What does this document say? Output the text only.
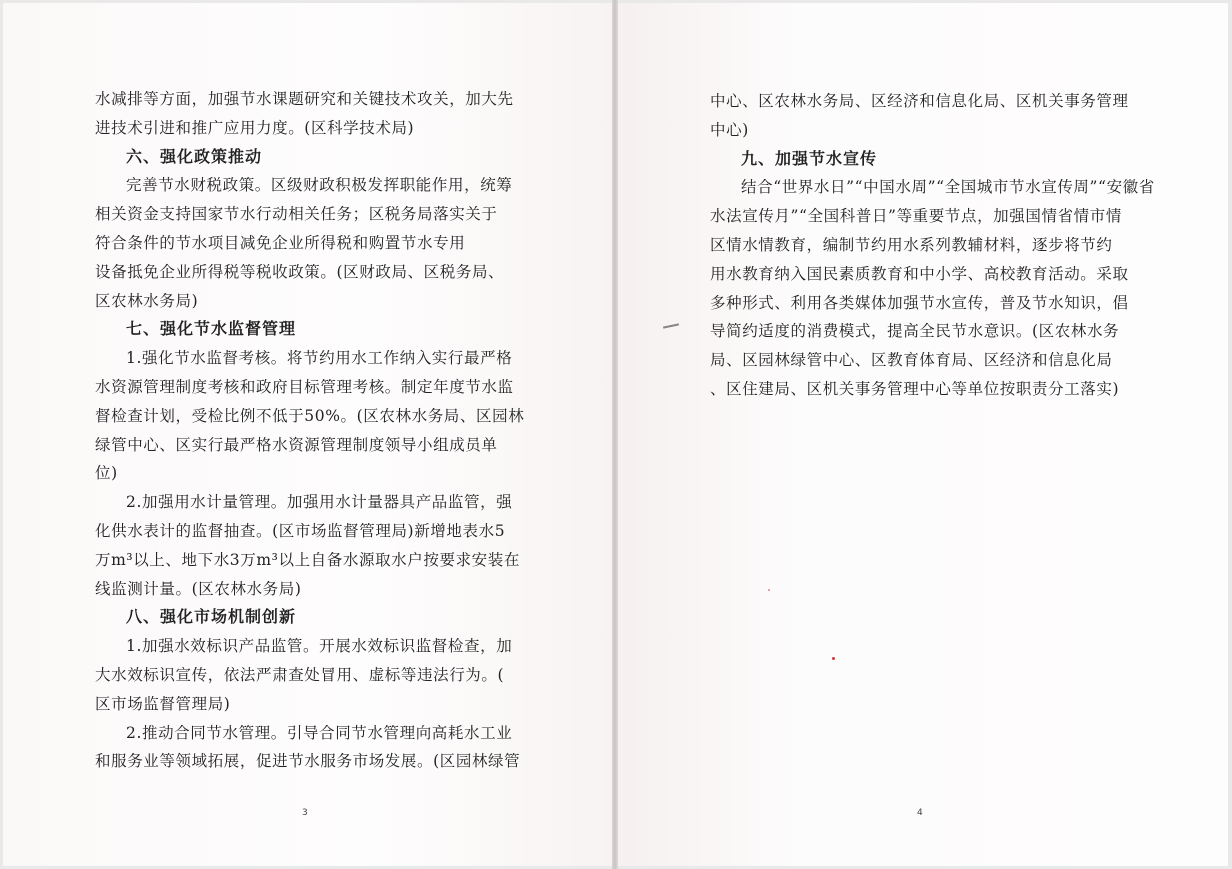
水减排等方面，加强节水课题研究和关键技术攻关，加大先
进技术引进和推广应用力度。(区科学技术局)
六、强化政策推动
完善节水财税政策。区级财政积极发挥职能作用，统筹
相关资金支持国家节水行动相关任务；区税务局落实关于
符合条件的节水项目减免企业所得税和购置节水专用
设备抵免企业所得税等税收政策。(区财政局、区税务局、
区农林水务局)
七、强化节水监督管理
1.强化节水监督考核。将节约用水工作纳入实行最严格
水资源管理制度考核和政府目标管理考核。制定年度节水监
督检查计划，受检比例不低于50%。(区农林水务局、区园林
绿管中心、区实行最严格水资源管理制度领导小组成员单
位)
2.加强用水计量管理。加强用水计量器具产品监管，强
化供水表计的监督抽查。(区市场监督管理局)新增地表水5
万m³以上、地下水3万m³以上自备水源取水户按要求安装在
线监测计量。(区农林水务局)
八、强化市场机制创新
1.加强水效标识产品监管。开展水效标识监督检查，加
大水效标识宣传，依法严肃查处冒用、虚标等违法行为。(
区市场监督管理局)
2.推动合同节水管理。引导合同节水管理向高耗水工业
和服务业等领域拓展，促进节水服务市场发展。(区园林绿管
3
中心、区农林水务局、区经济和信息化局、区机关事务管理
中心)
九、加强节水宣传
结合“世界水日”“中国水周”“全国城市节水宣传周”“安徽省
水法宣传月”“全国科普日”等重要节点，加强国情省情市情
区情水情教育，编制节约用水系列教辅材料，逐步将节约
用水教育纳入国民素质教育和中小学、高校教育活动。采取
多种形式、利用各类媒体加强节水宣传，普及节水知识，倡
导简约适度的消费模式，提高全民节水意识。(区农林水务
局、区园林绿管中心、区教育体育局、区经济和信息化局
、区住建局、区机关事务管理中心等单位按职责分工落实)
4
